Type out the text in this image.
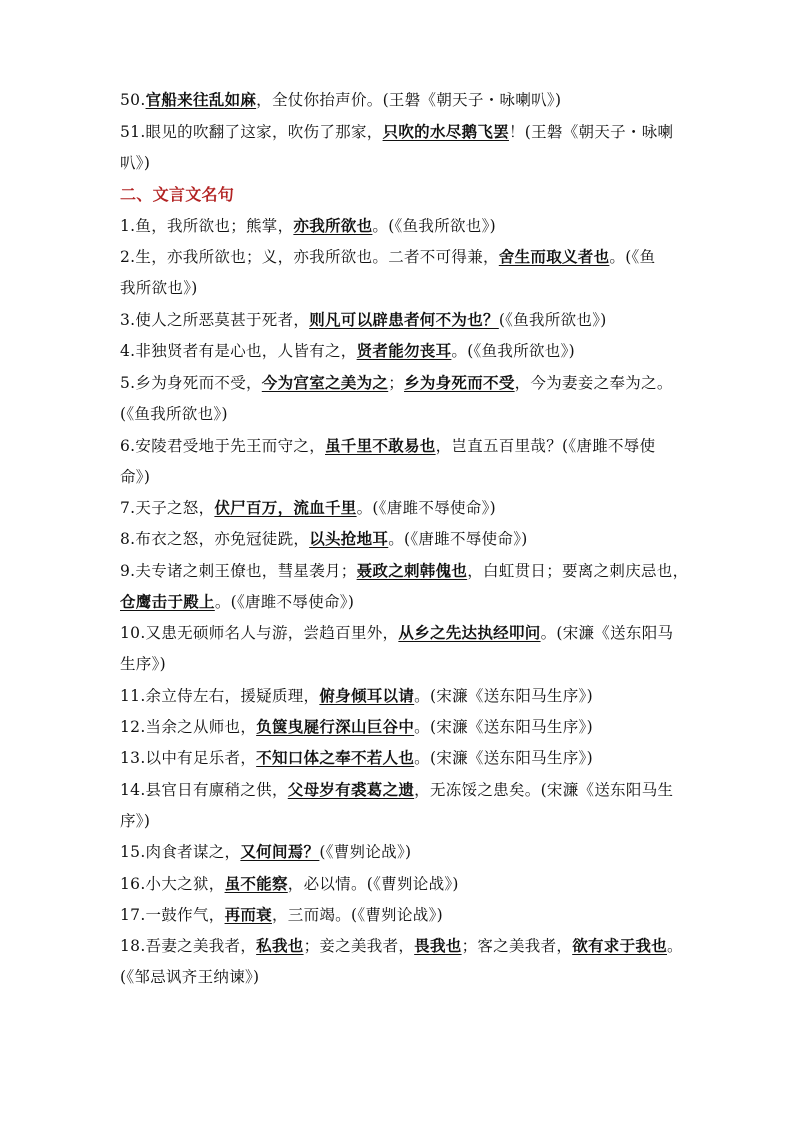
50.官船来往乱如麻，全仗你抬声价。(王磐《朝天子・咏喇叭》)
51.眼见的吹翻了这家，吹伤了那家，只吹的水尽鹅飞罢！(王磐《朝天子・咏喇
叭》)
二、文言文名句
1.鱼，我所欲也；熊掌，亦我所欲也。(《鱼我所欲也》)
2.生，亦我所欲也；义，亦我所欲也。二者不可得兼，舍生而取义者也。(《鱼
我所欲也》)
3.使人之所恶莫甚于死者，则凡可以辟患者何不为也？(《鱼我所欲也》)
4.非独贤者有是心也，人皆有之，贤者能勿丧耳。(《鱼我所欲也》)
5.乡为身死而不受，今为宫室之美为之；乡为身死而不受，今为妻妾之奉为之。
(《鱼我所欲也》)
6.安陵君受地于先王而守之，虽千里不敢易也，岂直五百里哉？(《唐雎不辱使
命》)
7.天子之怒，伏尸百万，流血千里。(《唐雎不辱使命》)
8.布衣之怒，亦免冠徒跣，以头抢地耳。(《唐雎不辱使命》)
9.夫专诸之刺王僚也，彗星袭月；聂政之刺韩傀也，白虹贯日；要离之刺庆忌也，
仓鹰击于殿上。(《唐雎不辱使命》)
10.又患无硕师名人与游，尝趋百里外，从乡之先达执经叩问。(宋濂《送东阳马
生序》)
11.余立侍左右，援疑质理，俯身倾耳以请。(宋濂《送东阳马生序》)
12.当余之从师也，负箧曳屣行深山巨谷中。(宋濂《送东阳马生序》)
13.以中有足乐者，不知口体之奉不若人也。(宋濂《送东阳马生序》)
14.县官日有廪稍之供，父母岁有裘葛之遗，无冻馁之患矣。(宋濂《送东阳马生
序》)
15.肉食者谋之，又何间焉？(《曹刿论战》)
16.小大之狱，虽不能察，必以情。(《曹刿论战》)
17.一鼓作气，再而衰，三而竭。(《曹刿论战》)
18.吾妻之美我者，私我也；妾之美我者，畏我也；客之美我者，欲有求于我也。
(《邹忌讽齐王纳谏》)
